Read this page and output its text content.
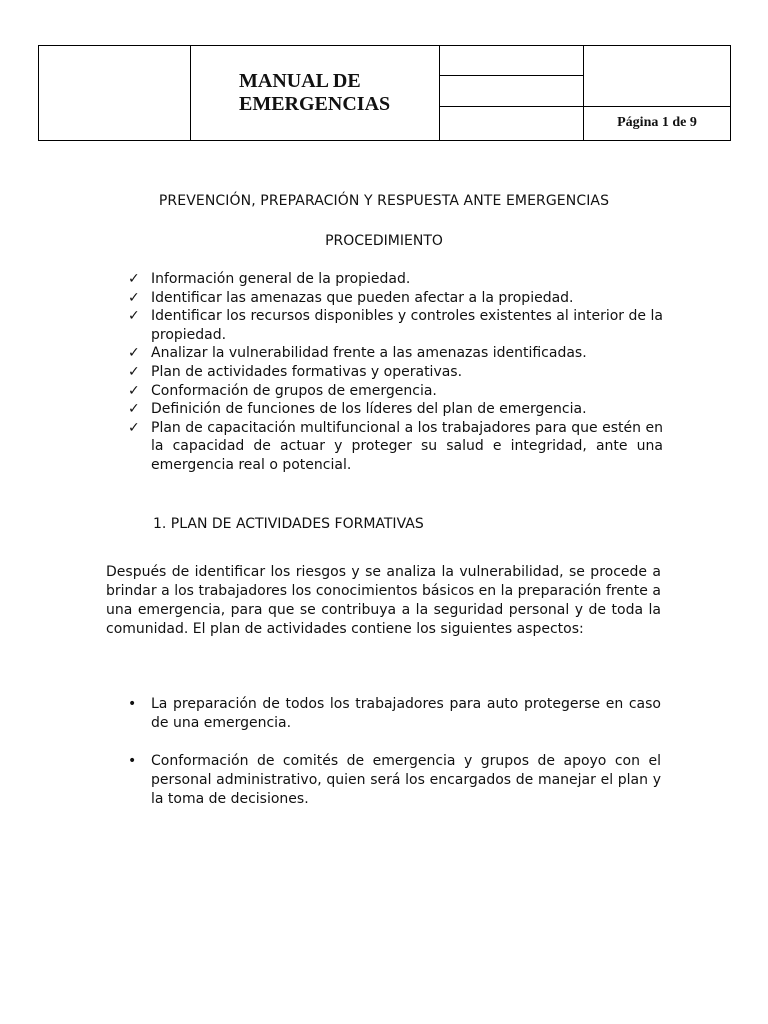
	MANUAL DE
EMERGENCIAS		

			Página 1 de 9
PREVENCIÓN, PREPARACIÓN Y RESPUESTA ANTE EMERGENCIAS
PROCEDIMIENTO
✓ Información general de la propiedad.
✓ Identificar las amenazas que pueden afectar a la propiedad.
✓ Identificar los recursos disponibles y controles existentes al interior de la propiedad.
✓ Analizar la vulnerabilidad frente a las amenazas identificadas.
✓ Plan de actividades formativas y operativas.
✓ Conformación de grupos de emergencia.
✓ Definición de funciones de los líderes del plan de emergencia.
✓ Plan de capacitación multifuncional a los trabajadores para que estén en la capacidad de actuar y proteger su salud e integridad, ante una emergencia real o potencial.
1. PLAN DE ACTIVIDADES FORMATIVAS

Después de identificar los riesgos y se analiza la vulnerabilidad, se procede a brindar a los trabajadores los conocimientos básicos en la preparación frente a una emergencia, para que se contribuya a la seguridad personal y de toda la comunidad. El plan de actividades contiene los siguientes aspectos:

• La preparación de todos los trabajadores para auto protegerse en caso de una emergencia.
• Conformación de comités de emergencia y grupos de apoyo con el personal administrativo, quien será los encargados de manejar el plan y la toma de decisiones.
